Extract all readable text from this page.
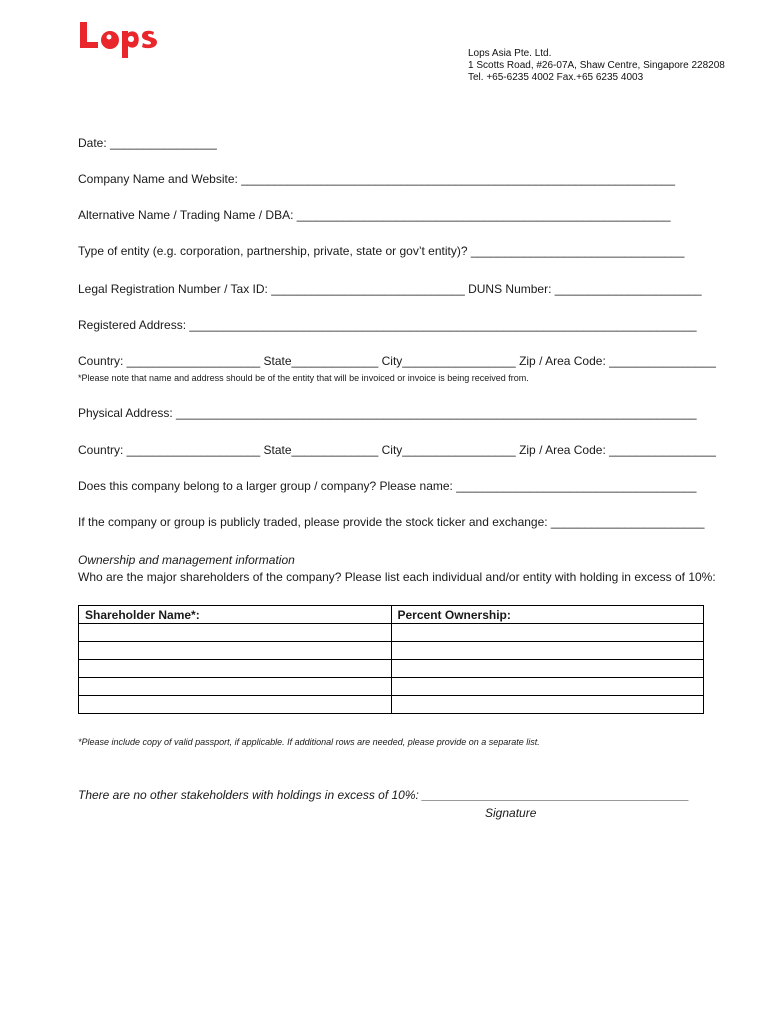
Lops Asia Pte. Ltd.
1 Scotts Road, #26-07A, Shaw Centre, Singapore 228208
Tel. +65-6235 4002 Fax.+65 6235 4003
Date: ________________
Company Name and Website: _________________________________________________________________
Alternative Name / Trading Name / DBA: ________________________________________________________
Type of entity (e.g. corporation, partnership, private, state or gov’t entity)? ________________________________
Legal Registration Number / Tax ID: _____________________________ DUNS Number: ______________________
Registered Address: ____________________________________________________________________________
Country: ____________________ State_____________ City_________________ Zip / Area Code: ________________
*Please note that name and address should be of the entity that will be invoiced or invoice is being received from.
Physical Address: ______________________________________________________________________________
Country: ____________________ State_____________ City_________________ Zip / Area Code: ________________
Does this company belong to a larger group / company? Please name: ____________________________________
If the company or group is publicly traded, please provide the stock ticker and exchange: _______________________
Ownership and management information
Who are the major shareholders of the company? Please list each individual and/or entity with holding in excess of 10%:
Shareholder Name*:	Percent Ownership:

*Please include copy of valid passport, if applicable. If additional rows are needed, please provide on a separate list.
There are no other stakeholders with holdings in excess of 10%: ________________________________________
Signature
